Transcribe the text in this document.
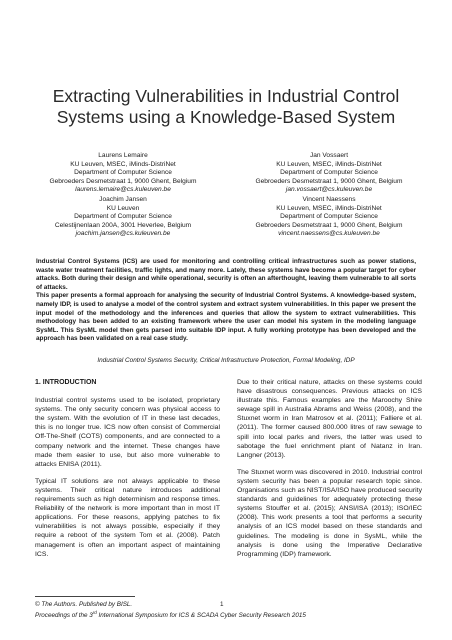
Extracting Vulnerabilities in Industrial Control Systems using a Knowledge-Based System
Laurens Lemaire
KU Leuven, MSEC, iMinds-DistriNet
Department of Computer Science
Gebroeders Desmetstraat 1, 9000 Ghent, Belgium
laurens.lemaire@cs.kuleuven.be
Jan Vossaert
KU Leuven, MSEC, iMinds-DistriNet
Department of Computer Science
Gebroeders Desmetstraat 1, 9000 Ghent, Belgium
jan.vossaert@cs.kuleuven.be
Joachim Jansen
KU Leuven
Department of Computer Science
Celestijnenlaan 200A, 3001 Heverlee, Belgium
joachim.jansen@cs.kuleuven.be
Vincent Naessens
KU Leuven, MSEC, iMinds-DistriNet
Department of Computer Science
Gebroeders Desmetstraat 1, 9000 Ghent, Belgium
vincent.naessens@cs.kuleuven.be

Industrial Control Systems (ICS) are used for monitoring and controlling critical infrastructures such as power stations, waste water treatment facilities, traffic lights, and many more. Lately, these systems have become a popular target for cyber attacks. Both during their design and while operational, security is often an afterthought, leaving them vulnerable to all sorts of attacks.

This paper presents a formal approach for analysing the security of Industrial Control Systems. A knowledge-based system, namely IDP, is used to analyse a model of the control system and extract system vulnerabilities. In this paper we present the input model of the methodology and the inferences and queries that allow the system to extract vulnerabilities. This methodology has been added to an existing framework where the user can model his system in the modeling language SysML. This SysML model then gets parsed into suitable IDP input. A fully working prototype has been developed and the approach has been validated on a real case study.

Industrial Control Systems Security, Critical Infrastructure Protection, Formal Modeling, IDP
1. INTRODUCTION

Industrial control systems used to be isolated, proprietary systems. The only security concern was physical access to the system. With the evolution of IT in these last decades, this is no longer true. ICS now often consist of Commercial Off-The-Shelf (COTS) components, and are connected to a company network and the internet. These changes have made them easier to use, but also more vulnerable to attacks ENISA (2011).

Typical IT solutions are not always applicable to these systems. Their critical nature introduces additional requirements such as high determinism and response times. Reliability of the network is more important than in most IT applications. For these reasons, applying patches to fix vulnerabilities is not always possible, especially if they require a reboot of the system Tom et al. (2008). Patch management is often an important aspect of maintaining ICS.

Due to their critical nature, attacks on these systems could have disastrous consequences. Previous attacks on ICS illustrate this. Famous examples are the Maroochy Shire sewage spill in Australia Abrams and Weiss (2008), and the Stuxnet worm in Iran Matrosov et al. (2011); Falliere et al. (2011). The former caused 800.000 litres of raw sewage to spill into local parks and rivers, the latter was used to sabotage the fuel enrichment plant of Natanz in Iran. Langner (2013).

The Stuxnet worm was discovered in 2010. Industrial control system security has been a popular research topic since. Organisations such as NIST/ISA/ISO have produced security standards and guidelines for adequately protecting these systems Stouffer et al. (2015); ANSI/ISA (2013); ISO/IEC (2008). This work presents a tool that performs a security analysis of an ICS model based on these standards and guidelines. The modeling is done in SysML, while the analysis is done using the Imperative Declarative Programming (IDP) framework.

© The Authors. Published by BISL.
Proceedings of the 3rd International Symposium for ICS & SCADA Cyber Security Research 2015
1
